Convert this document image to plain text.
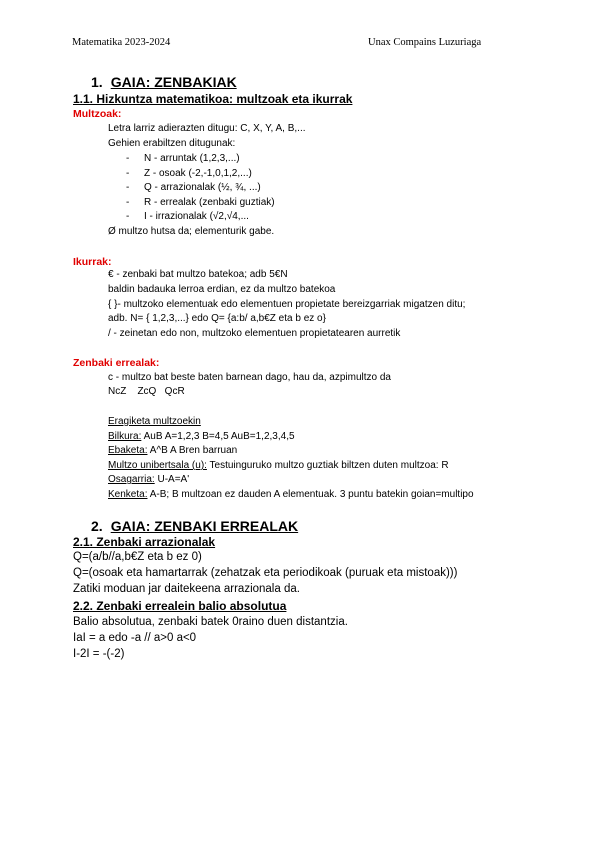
Matematika 2023-2024	Unax Compains Luzuriaga
1. GAIA: ZENBAKIAK
1.1. Hizkuntza matematikoa: multzoak eta ikurrak
Multzoak:
Letra larriz adierazten ditugu: C, X, Y, A, B,...
Gehien erabiltzen ditugunak:
- N - arruntak (1,2,3,...)
- Z - osoak (-2,-1,0,1,2,...)
- Q - arrazionalak (½, ¾, ...)
- R - errealak (zenbaki guztiak)
- I - irrazionalak (√2,√4,...
Ø multzo hutsa da; elementurik gabe.
Ikurrak:
€ - zenbaki bat multzo batekoa; adb 5€N
baldin badauka lerroa erdian, ez da multzo batekoa
{ }- multzoko elementuak edo elementuen propietate bereizgarriak migatzen ditu;
adb. N= { 1,2,3,...} edo Q= {a:b/ a,b€Z eta b ez o}
/ - zeinetan edo non, multzoko elementuen propietatearen aurretik
Zenbaki errealak:
c - multzo bat beste baten barnean dago, hau da, azpimultzo da
NcZ    ZcQ   QcR
Eragiketa multzoekin
Bilkura: AuB A=1,2,3 B=4,5 AuB=1,2,3,4,5
Ebaketa: A^B A Bren barruan
Multzo unibertsala (u): Testuinguruko multzo guztiak biltzen duten multzoa: R
Osagarria: U-A=A'
Kenketa: A-B; B multzoan ez dauden A elementuak. 3 puntu batekin goian=multipo
2. GAIA: ZENBAKI ERREALAK
2.1. Zenbaki arrazionalak
Q=(a/b//a,b€Z eta b ez 0)
Q=(osoak eta hamartarrak (zehatzak eta periodikoak (puruak eta mistoak)))
Zatiki moduan jar daitekeena arrazionala da.
2.2. Zenbaki errealein balio absolutua
Balio absolutua, zenbaki batek 0raino duen distantzia.
IaI = a edo -a // a>0 a<0
I-2I = -(-2)
